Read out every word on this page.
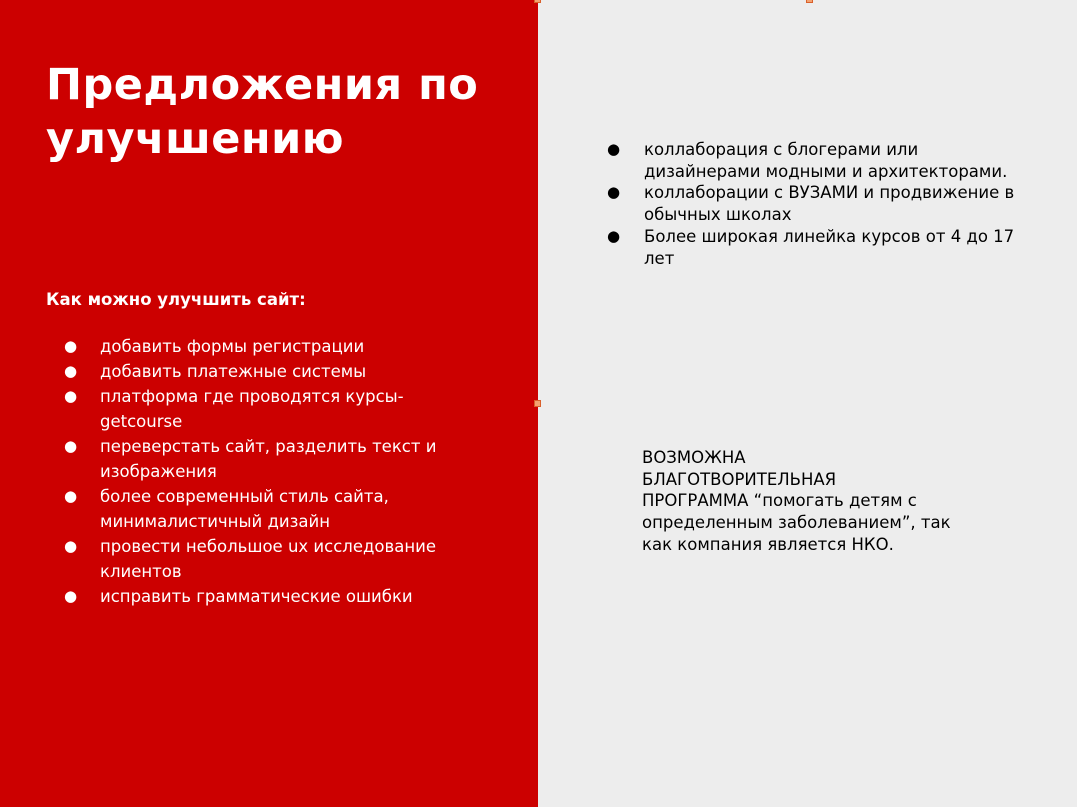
Предложения по улучшению
Как можно улучшить сайт:
● добавить формы регистрации
● добавить платежные системы
● платформа где проводятся курсы- getcourse
● переверстать сайт, разделить текст и изображения
● более современный стиль сайта, минималистичный дизайн
● провести небольшое ux исследование клиентов
● исправить грамматические ошибки
● коллаборация с блогерами или дизайнерами модными и архитекторами.
● коллаборации с ВУЗАМИ и продвижение в обычных школах
● Более широкая линейка курсов от 4 до 17 лет
ВОЗМОЖНА
БЛАГОТВОРИТЕЛЬНАЯ
ПРОГРАММА “помогать детям с определенным заболеванием”, так как компания является НКО.
